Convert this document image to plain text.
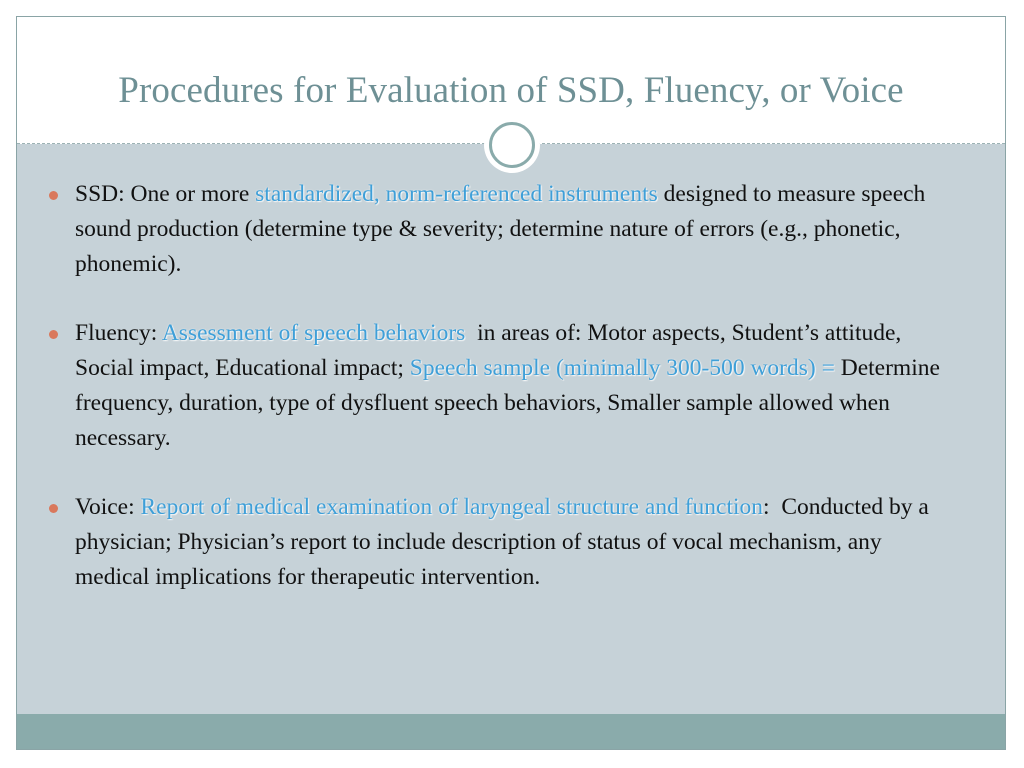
Procedures for Evaluation of SSD, Fluency, or Voice
SSD: One or more standardized, norm-referenced instruments designed to measure speech sound production (determine type & severity; determine nature of errors (e.g., phonetic, phonemic).
Fluency: Assessment of speech behaviors  in areas of: Motor aspects, Student’s attitude, Social impact, Educational impact; Speech sample (minimally 300-500 words) = Determine frequency, duration, type of dysfluent speech behaviors, Smaller sample allowed when necessary.
Voice: Report of medical examination of laryngeal structure and function:  Conducted by a physician; Physician’s report to include description of status of vocal mechanism, any medical implications for therapeutic intervention.
